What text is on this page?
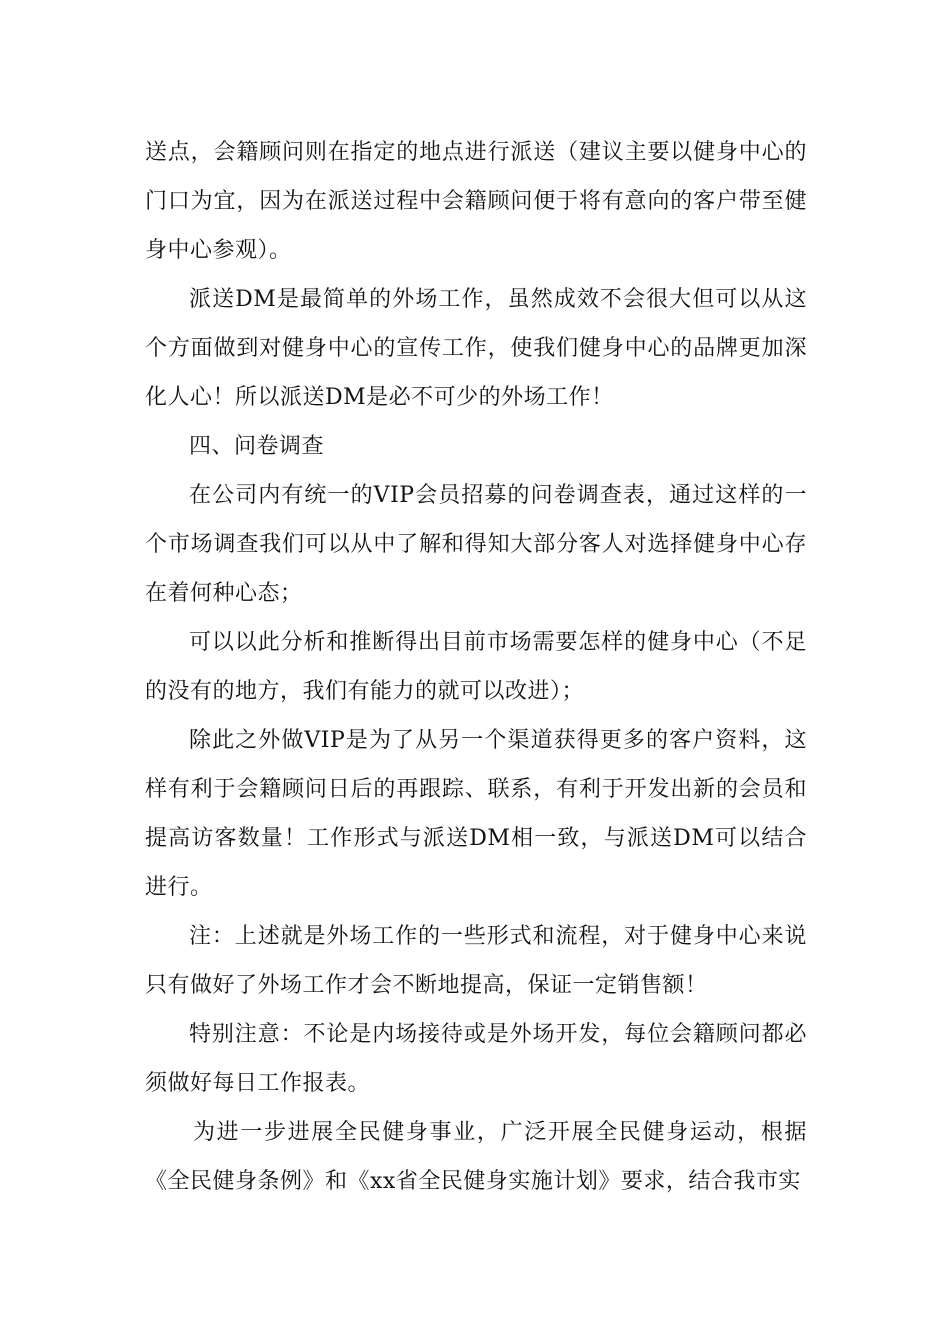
送点，会籍顾问则在指定的地点进行派送（建议主要以健身中心的门口为宜，因为在派送过程中会籍顾问便于将有意向的客户带至健身中心参观）。

派送DM是最简单的外场工作，虽然成效不会很大但可以从这个方面做到对健身中心的宣传工作，使我们健身中心的品牌更加深化人心！所以派送DM是必不可少的外场工作！

四、问卷调查

在公司内有统一的VIP会员招募的问卷调查表，通过这样的一个市场调查我们可以从中了解和得知大部分客人对选择健身中心存在着何种心态；

可以以此分析和推断得出目前市场需要怎样的健身中心（不足的没有的地方，我们有能力的就可以改进）；

除此之外做VIP是为了从另一个渠道获得更多的客户资料，这样有利于会籍顾问日后的再跟踪、联系，有利于开发出新的会员和提高访客数量！工作形式与派送DM相一致，与派送DM可以结合进行。

注：上述就是外场工作的一些形式和流程，对于健身中心来说只有做好了外场工作才会不断地提高，保证一定销售额！

特别注意：不论是内场接待或是外场开发，每位会籍顾问都必须做好每日工作报表。

为进一步进展全民健身事业，广泛开展全民健身运动，根据《全民健身条例》和《xx省全民健身实施计划》要求，结合我市实
